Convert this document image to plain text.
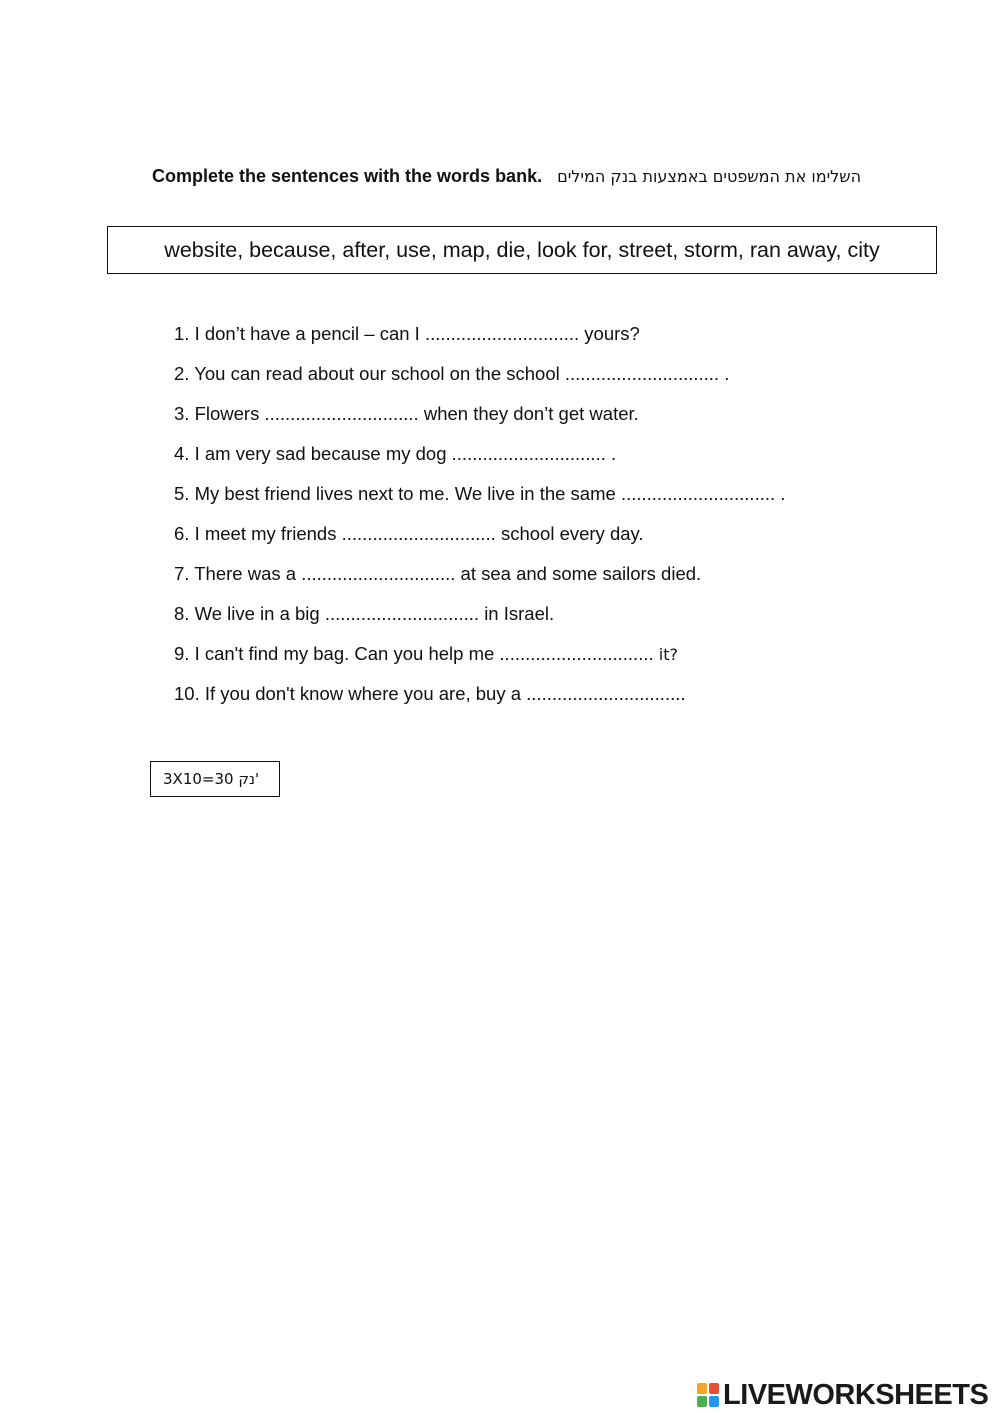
Complete the sentences with the words bank. השלימו את המשפטים באמצעות בנק המילים
website, because, after, use, map, die, look for, street, storm, ran away, city
1. I don’t have a pencil – can I .............................. yours?
2. You can read about our school on the school .............................. .
3. Flowers .............................. when they don’t get water.
4. I am very sad because my dog .............................. .
5. My best friend lives next to me. We live in the same .............................. .
6. I meet my friends .............................. school every day.
7. There was a .............................. at sea and some sailors died.
8. We live in a big .............................. in Israel.
9. I can't find my bag. Can you help me .............................. it?
10. If you don't know where you are, buy a ...............................
3X10=30 נק'
LIVEWORKSHEETS
